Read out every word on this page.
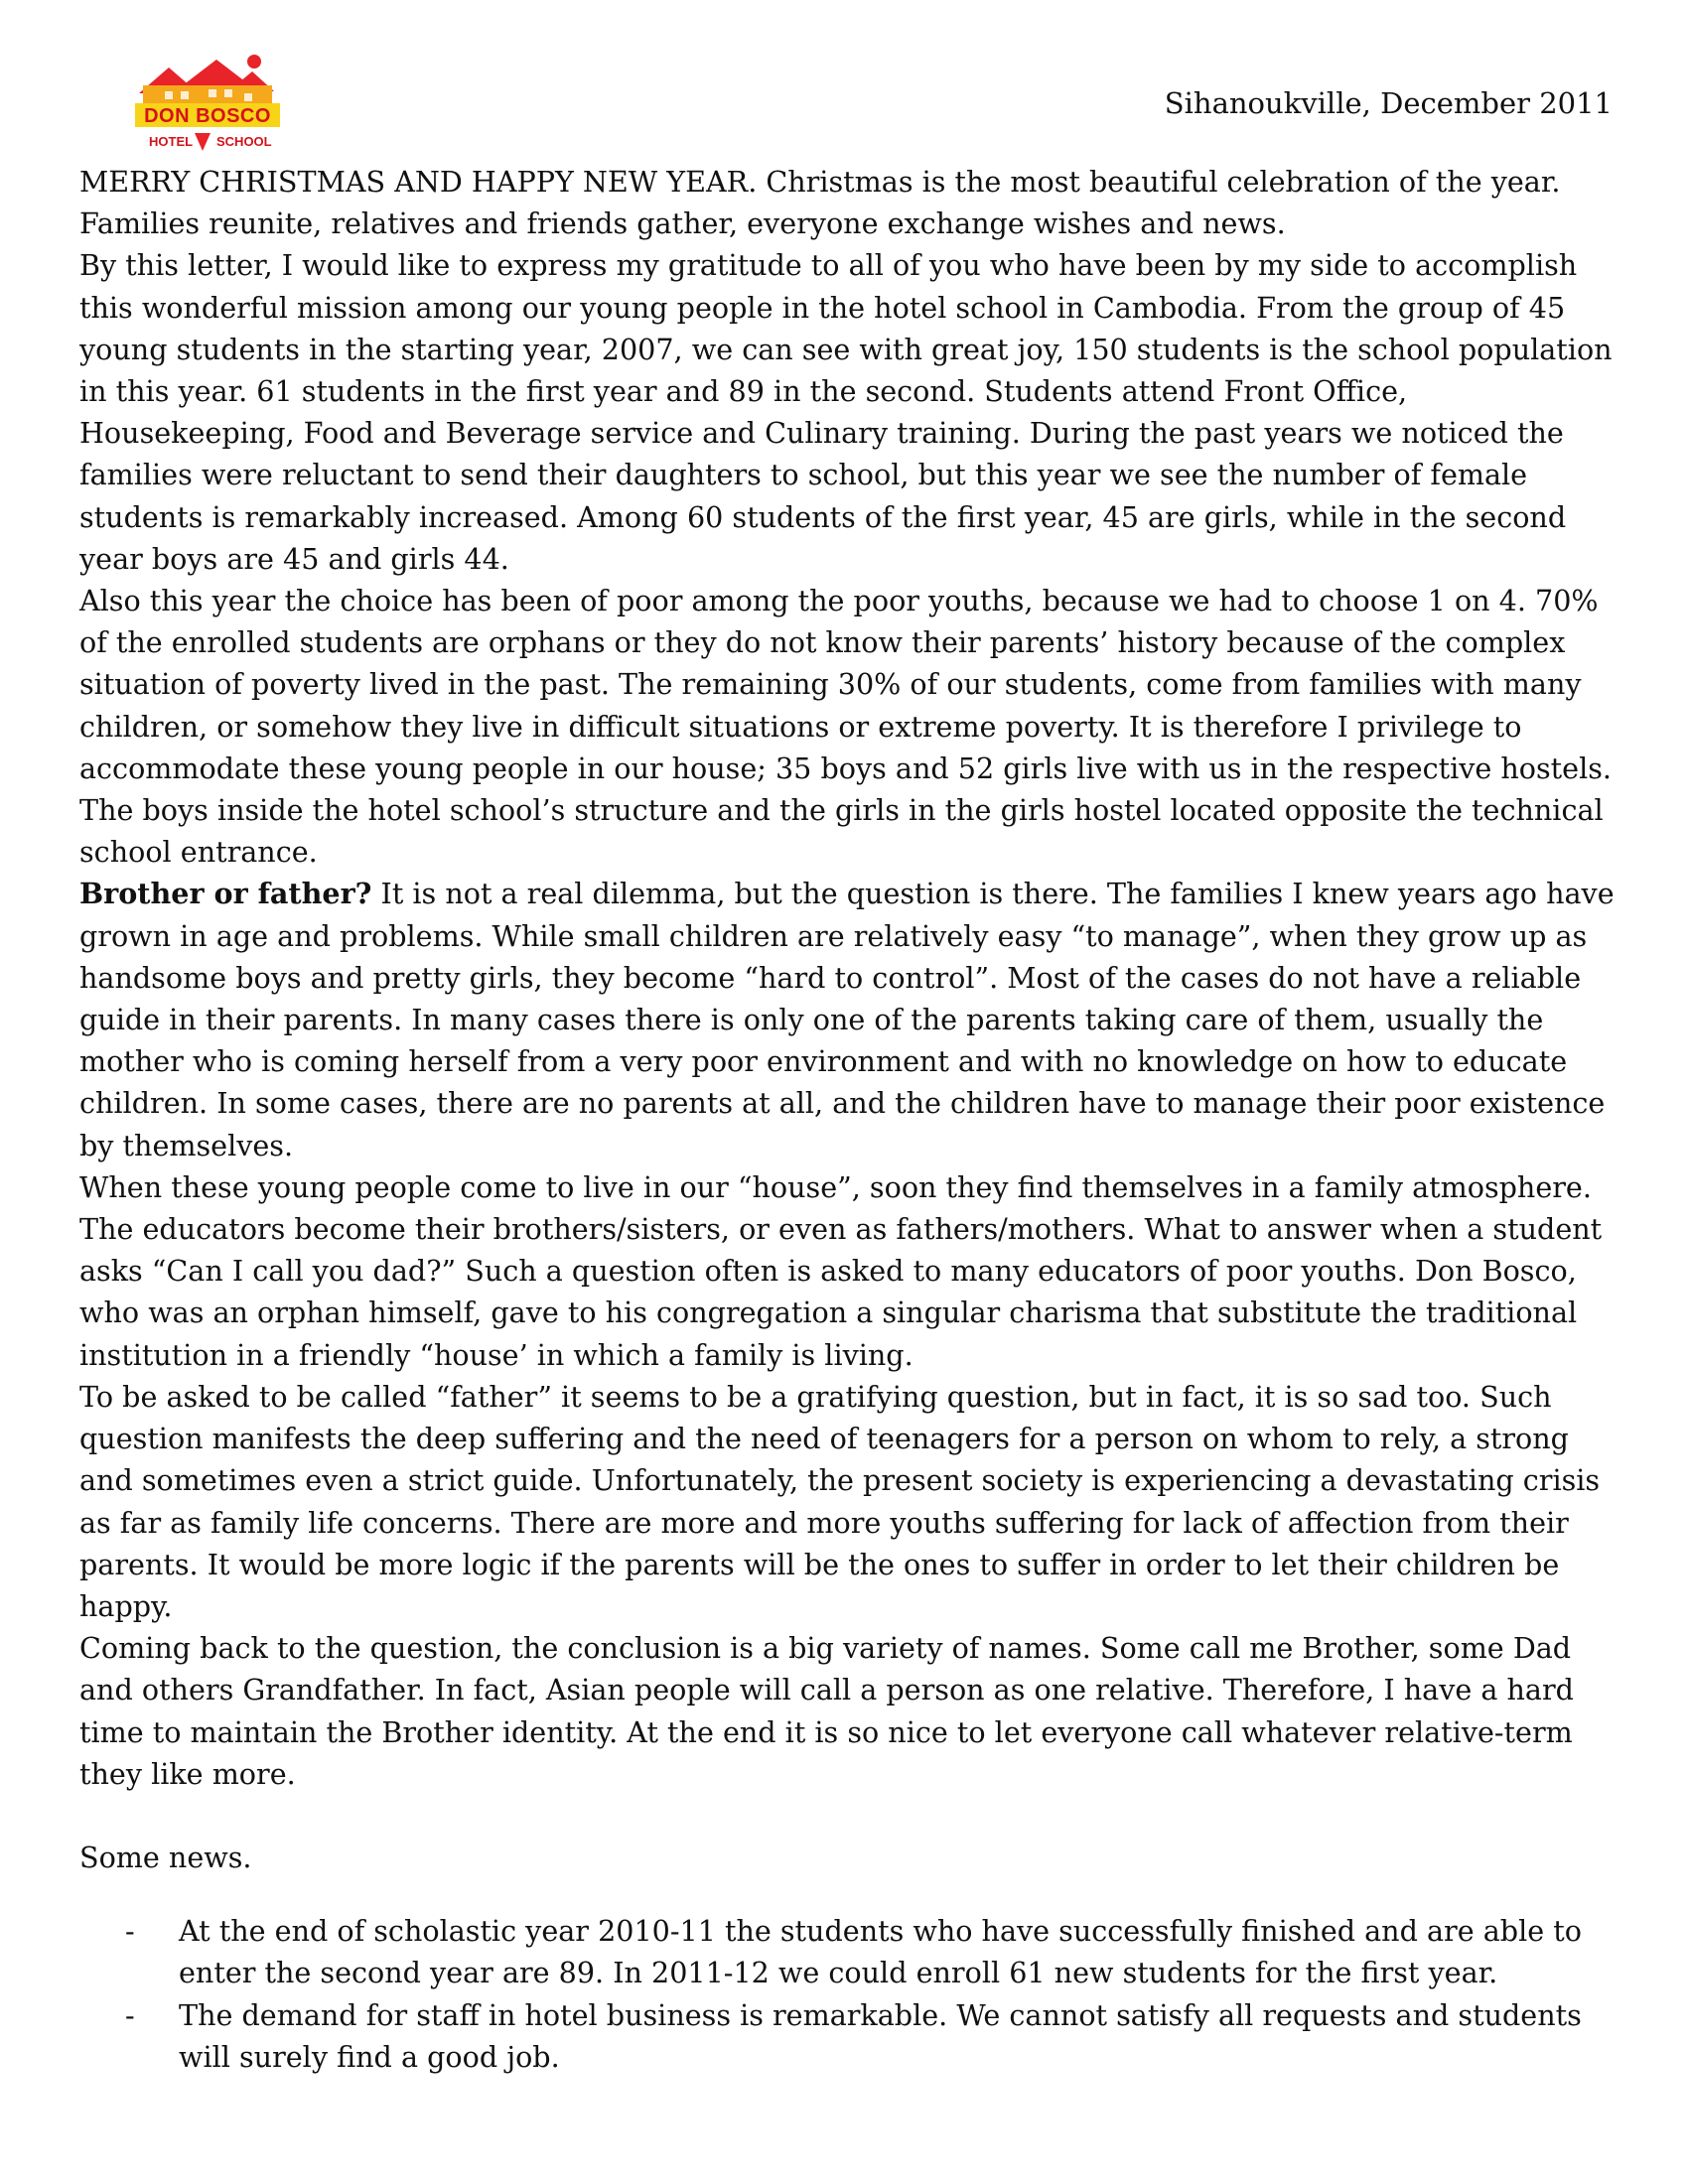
DON BOSCO
HOTEL SCHOOL
Sihanoukville, December 2011

MERRY CHRISTMAS AND HAPPY NEW YEAR. Christmas is the most beautiful celebration of the year. Families reunite, relatives and friends gather, everyone exchange wishes and news.

By this letter, I would like to express my gratitude to all of you who have been by my side to accomplish this wonderful mission among our young people in the hotel school in Cambodia. From the group of 45 young students in the starting year, 2007, we can see with great joy, 150 students is the school population in this year. 61 students in the first year and 89 in the second. Students attend Front Office, Housekeeping, Food and Beverage service and Culinary training. During the past years we noticed the families were reluctant to send their daughters to school, but this year we see the number of female students is remarkably increased. Among 60 students of the first year, 45 are girls, while in the second year boys are 45 and girls 44.

Also this year the choice has been of poor among the poor youths, because we had to choose 1 on 4. 70% of the enrolled students are orphans or they do not know their parents’ history because of the complex situation of poverty lived in the past. The remaining 30% of our students, come from families with many children, or somehow they live in difficult situations or extreme poverty. It is therefore I privilege to accommodate these young people in our house; 35 boys and 52 girls live with us in the respective hostels. The boys inside the hotel school’s structure and the girls in the girls hostel located opposite the technical school entrance.

Brother or father? It is not a real dilemma, but the question is there. The families I knew years ago have grown in age and problems. While small children are relatively easy “to manage”, when they grow up as handsome boys and pretty girls, they become “hard to control”. Most of the cases do not have a reliable guide in their parents. In many cases there is only one of the parents taking care of them, usually the mother who is coming herself from a very poor environment and with no knowledge on how to educate children. In some cases, there are no parents at all, and the children have to manage their poor existence by themselves.

When these young people come to live in our “house”, soon they find themselves in a family atmosphere. The educators become their brothers/sisters, or even as fathers/mothers. What to answer when a student asks “Can I call you dad?” Such a question often is asked to many educators of poor youths. Don Bosco, who was an orphan himself, gave to his congregation a singular charisma that substitute the traditional institution in a friendly “house’ in which a family is living.

To be asked to be called “father” it seems to be a gratifying question, but in fact, it is so sad too. Such question manifests the deep suffering and the need of teenagers for a person on whom to rely, a strong and sometimes even a strict guide. Unfortunately, the present society is experiencing a devastating crisis as far as family life concerns. There are more and more youths suffering for lack of affection from their parents. It would be more logic if the parents will be the ones to suffer in order to let their children be happy.

Coming back to the question, the conclusion is a big variety of names. Some call me Brother, some Dad and others Grandfather. In fact, Asian people will call a person as one relative. Therefore, I have a hard time to maintain the Brother identity. At the end it is so nice to let everyone call whatever relative-term they like more.

Some news.

- At the end of scholastic year 2010-11 the students who have successfully finished and are able to enter the second year are 89. In 2011-12 we could enroll 61 new students for the first year.
- The demand for staff in hotel business is remarkable. We cannot satisfy all requests and students will surely find a good job.
